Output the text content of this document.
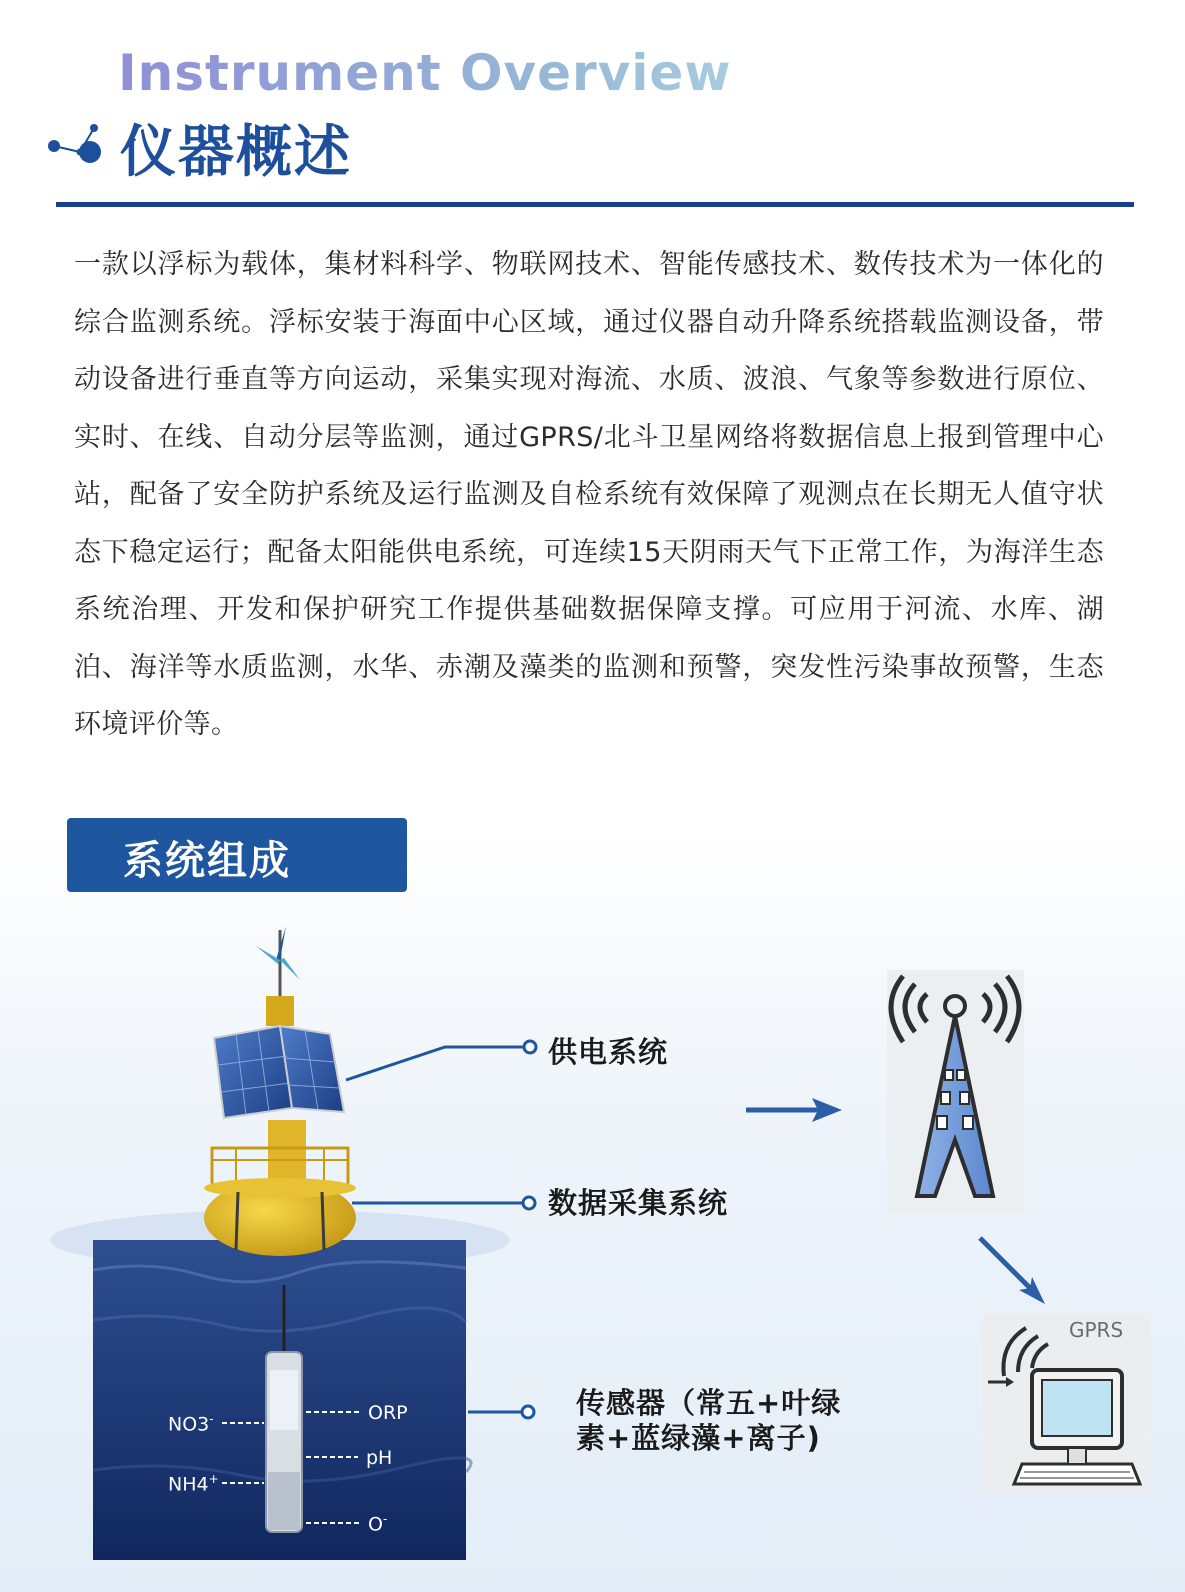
Instrument Overview
仪器概述

一款以浮标为载体，集材料科学、物联网技术、智能传感技术、数传技术为一体化的综合监测系统。浮标安装于海面中心区域，通过仪器自动升降系统搭载监测设备，带动设备进行垂直等方向运动，采集实现对海流、水质、波浪、气象等参数进行原位、实时、在线、自动分层等监测，通过GPRS/北斗卫星网络将数据信息上报到管理中心站，配备了安全防护系统及运行监测及自检系统有效保障了观测点在长期无人值守状态下稳定运行；配备太阳能供电系统，可连续15天阴雨天气下正常工作，为海洋生态系统治理、开发和保护研究工作提供基础数据保障支撑。可应用于河流、水库、湖泊、海洋等水质监测，水华、赤潮及藻类的监测和预警，突发性污染事故预警，生态环境评价等。

系统组成
GPRS
供电系统
数据采集系统
传感器（常五+叶绿
素+蓝绿藻+离子)
NO3-
NH4+
ORP
pH
O-
